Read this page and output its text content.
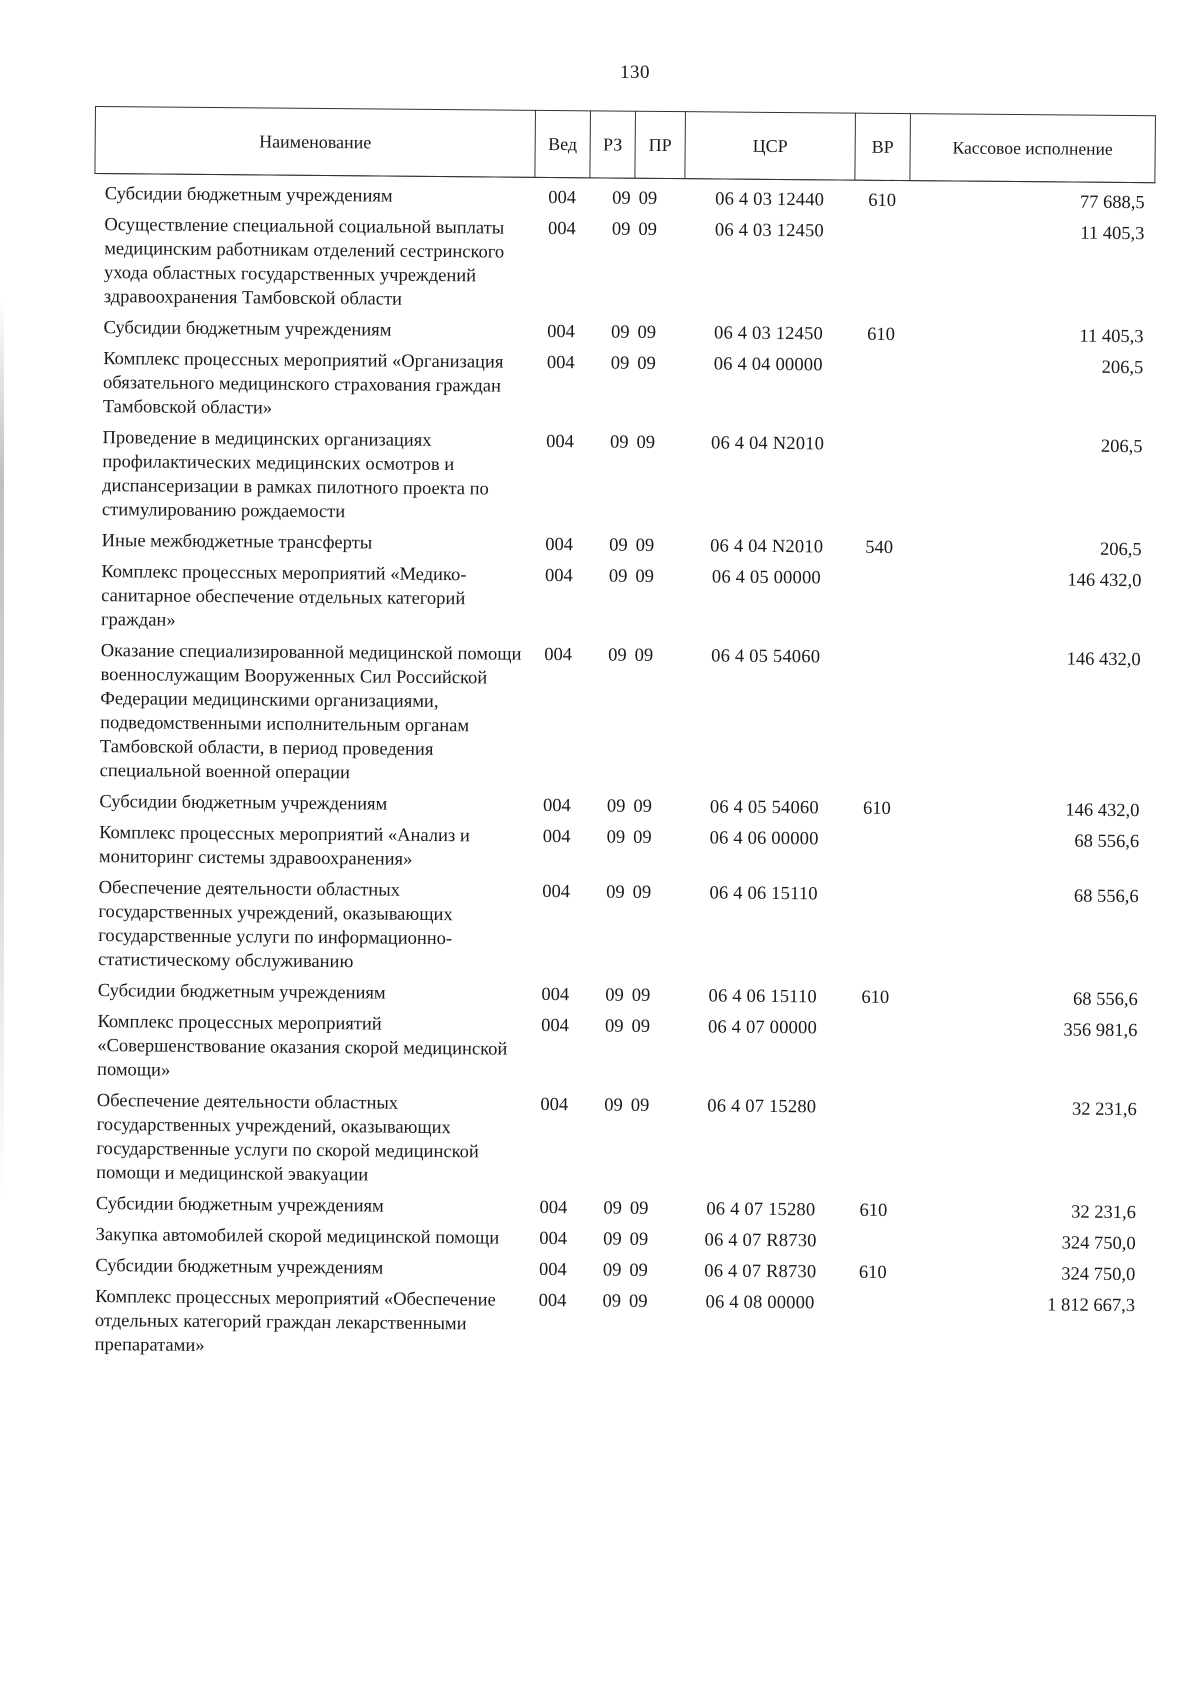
130
Наименование	Вед	РЗ	ПР	ЦСР	ВР	Кассовое исполнение
Субсидии бюджетным учреждениям	004	09	09	06 4 03 12440	610	77 688,5
Осуществление специальной социальной выплаты медицинским работникам отделений сестринского ухода областных государственных учреждений здравоохранения Тамбовской области	004	09	09	06 4 03 12450		11 405,3
Субсидии бюджетным учреждениям	004	09	09	06 4 03 12450	610	11 405,3
Комплекс процессных мероприятий «Организация обязательного медицинского страхования граждан Тамбовской области»	004	09	09	06 4 04 00000		206,5
Проведение в медицинских организациях профилактических медицинских осмотров и диспансеризации в рамках пилотного проекта по стимулированию рождаемости	004	09	09	06 4 04 N2010		206,5
Иные межбюджетные трансферты	004	09	09	06 4 04 N2010	540	206,5
Комплекс процессных мероприятий «Медико-санитарное обеспечение отдельных категорий граждан»	004	09	09	06 4 05 00000		146 432,0
Оказание специализированной медицинской помощи военнослужащим Вооруженных Сил Российской Федерации медицинскими организациями, подведомственными исполнительным органам Тамбовской области, в период проведения специальной военной операции	004	09	09	06 4 05 54060		146 432,0
Субсидии бюджетным учреждениям	004	09	09	06 4 05 54060	610	146 432,0
Комплекс процессных мероприятий «Анализ и мониторинг системы здравоохранения»	004	09	09	06 4 06 00000		68 556,6
Обеспечение деятельности областных государственных учреждений, оказывающих государственные услуги по информационно-статистическому обслуживанию	004	09	09	06 4 06 15110		68 556,6
Субсидии бюджетным учреждениям	004	09	09	06 4 06 15110	610	68 556,6
Комплекс процессных мероприятий «Совершенствование оказания скорой медицинской помощи»	004	09	09	06 4 07 00000		356 981,6
Обеспечение деятельности областных государственных учреждений, оказывающих государственные услуги по скорой медицинской помощи и медицинской эвакуации	004	09	09	06 4 07 15280		32 231,6
Субсидии бюджетным учреждениям	004	09	09	06 4 07 15280	610	32 231,6
Закупка автомобилей скорой медицинской помощи	004	09	09	06 4 07 R8730		324 750,0
Субсидии бюджетным учреждениям	004	09	09	06 4 07 R8730	610	324 750,0
Комплекс процессных мероприятий «Обеспечение отдельных категорий граждан лекарственными препаратами»	004	09	09	06 4 08 00000		1 812 667,3
